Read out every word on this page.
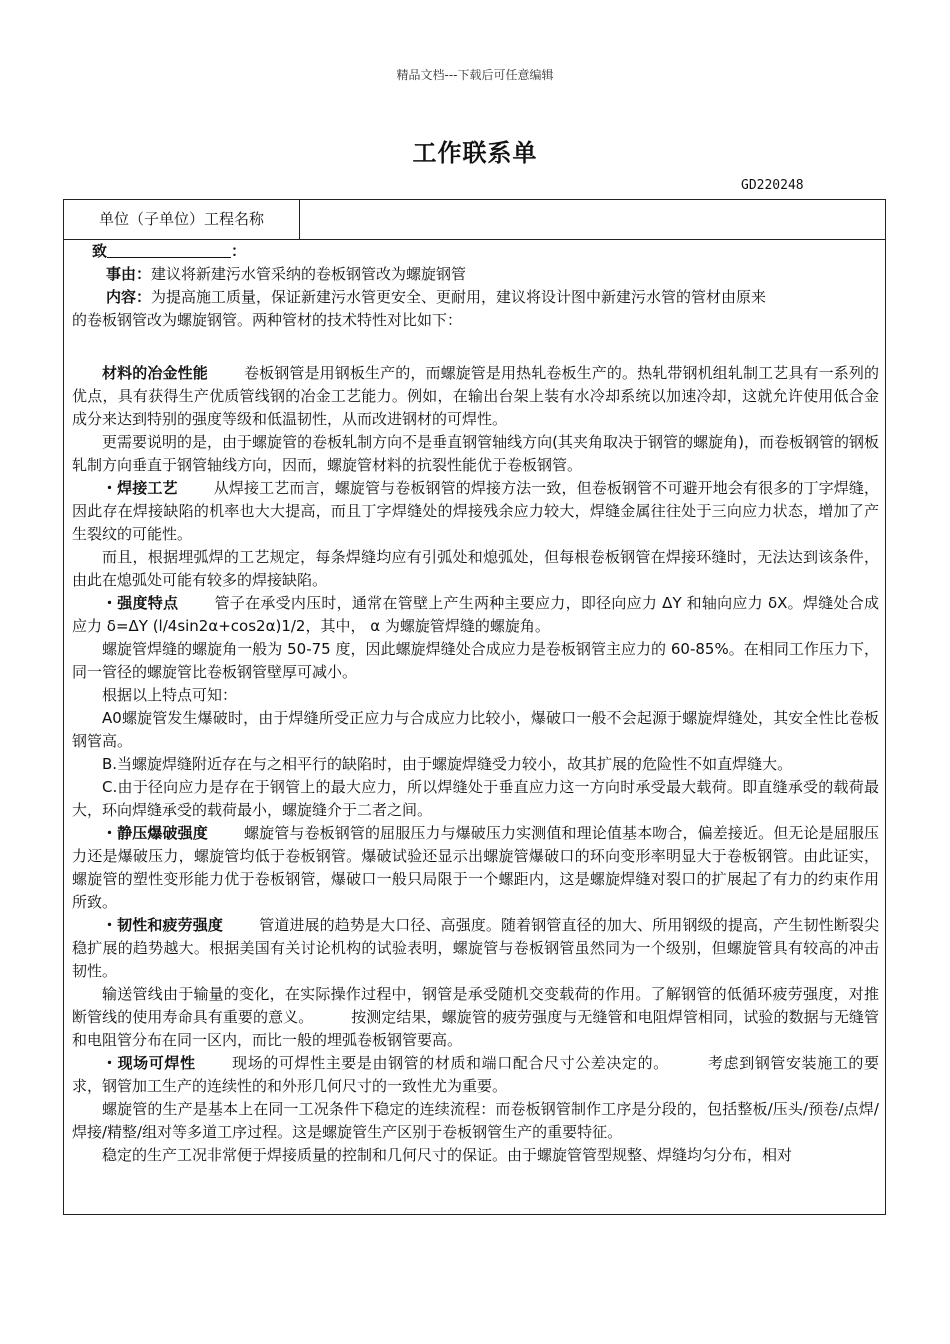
精品文档---下载后可任意编辑
工作联系单
GD220248
单位（子单位）工程名称
致	：
事由：建议将新建污水管采纳的卷板钢管改为螺旋钢管
内容：为提高施工质量，保证新建污水管更安全、更耐用，建议将设计图中新建污水管的管材由原来
的卷板钢管改为螺旋钢管。两种管材的技术特性对比如下：

材料的冶金性能 卷板钢管是用钢板生产的，而螺旋管是用热轧卷板生产的。热轧带钢机组轧制工艺具有一系列的优点，具有获得生产优质管线钢的冶金工艺能力。例如，在输出台架上装有水冷却系统以加速冷却，这就允许使用低合金成分来达到特别的强度等级和低温韧性，从而改进钢材的可焊性。

更需要说明的是，由于螺旋管的卷板轧制方向不是垂直钢管轴线方向(其夹角取决于钢管的螺旋角)，而卷板钢管的钢板轧制方向垂直于钢管轴线方向，因而，螺旋管材料的抗裂性能优于卷板钢管。

・焊接工艺 从焊接工艺而言，螺旋管与卷板钢管的焊接方法一致，但卷板钢管不可避开地会有很多的丁字焊缝，因此存在焊接缺陷的机率也大大提高，而且丁字焊缝处的焊接残余应力较大，焊缝金属往往处于三向应力状态，增加了产生裂纹的可能性。

而且，根据埋弧焊的工艺规定，每条焊缝均应有引弧处和熄弧处，但每根卷板钢管在焊接环缝时，无法达到该条件，由此在熄弧处可能有较多的焊接缺陷。

・强度特点 管子在承受内压时，通常在管壁上产生两种主要应力，即径向应力 ΔY 和轴向应力 δX。焊缝处合成应力 δ=ΔY (l/4sin2α+cos2α)1/2，其中， α 为螺旋管焊缝的螺旋角。

螺旋管焊缝的螺旋角一般为 50-75 度，因此螺旋焊缝处合成应力是卷板钢管主应力的 60-85%。在相同工作压力下，同一管径的螺旋管比卷板钢管壁厚可减小。

根据以上特点可知：

A0螺旋管发生爆破时，由于焊缝所受正应力与合成应力比较小，爆破口一般不会起源于螺旋焊缝处，其安全性比卷板钢管高。

B.当螺旋焊缝附近存在与之相平行的缺陷时，由于螺旋焊缝受力较小，故其扩展的危险性不如直焊缝大。

C.由于径向应力是存在于钢管上的最大应力，所以焊缝处于垂直应力这一方向时承受最大载荷。即直缝承受的载荷最大，环向焊缝承受的载荷最小，螺旋缝介于二者之间。

・静压爆破强度 螺旋管与卷板钢管的屈服压力与爆破压力实测值和理论值基本吻合，偏差接近。但无论是屈服压力还是爆破压力，螺旋管均低于卷板钢管。爆破试验还显示出螺旋管爆破口的环向变形率明显大于卷板钢管。由此证实，螺旋管的塑性变形能力优于卷板钢管，爆破口一般只局限于一个螺距内，这是螺旋焊缝对裂口的扩展起了有力的约束作用所致。

・韧性和疲劳强度 管道进展的趋势是大口径、高强度。随着钢管直径的加大、所用钢级的提高，产生韧性断裂尖稳扩展的趋势越大。根据美国有关讨论机构的试验表明，螺旋管与卷板钢管虽然同为一个级别，但螺旋管具有较高的冲击韧性。

输送管线由于输量的变化，在实际操作过程中，钢管是承受随机交变载荷的作用。了解钢管的低循环疲劳强度，对推断管线的使用寿命具有重要的意义。　　　按测定结果，螺旋管的疲劳强度与无缝管和电阻焊管相同，试验的数据与无缝管和电阻管分布在同一区内，而比一般的埋弧卷板钢管要高。

・现场可焊性 现场的可焊性主要是由钢管的材质和端口配合尺寸公差决定的。　　　考虑到钢管安装施工的要求，钢管加工生产的连续性的和外形几何尺寸的一致性尤为重要。

螺旋管的生产是基本上在同一工况条件下稳定的连续流程：而卷板钢管制作工序是分段的，包括整板/压头/预卷/点焊/焊接/精整/组对等多道工序过程。这是螺旋管生产区别于卷板钢管生产的重要特征。

稳定的生产工况非常便于焊接质量的控制和几何尺寸的保证。由于螺旋管管型规整、焊缝均匀分布，相对
